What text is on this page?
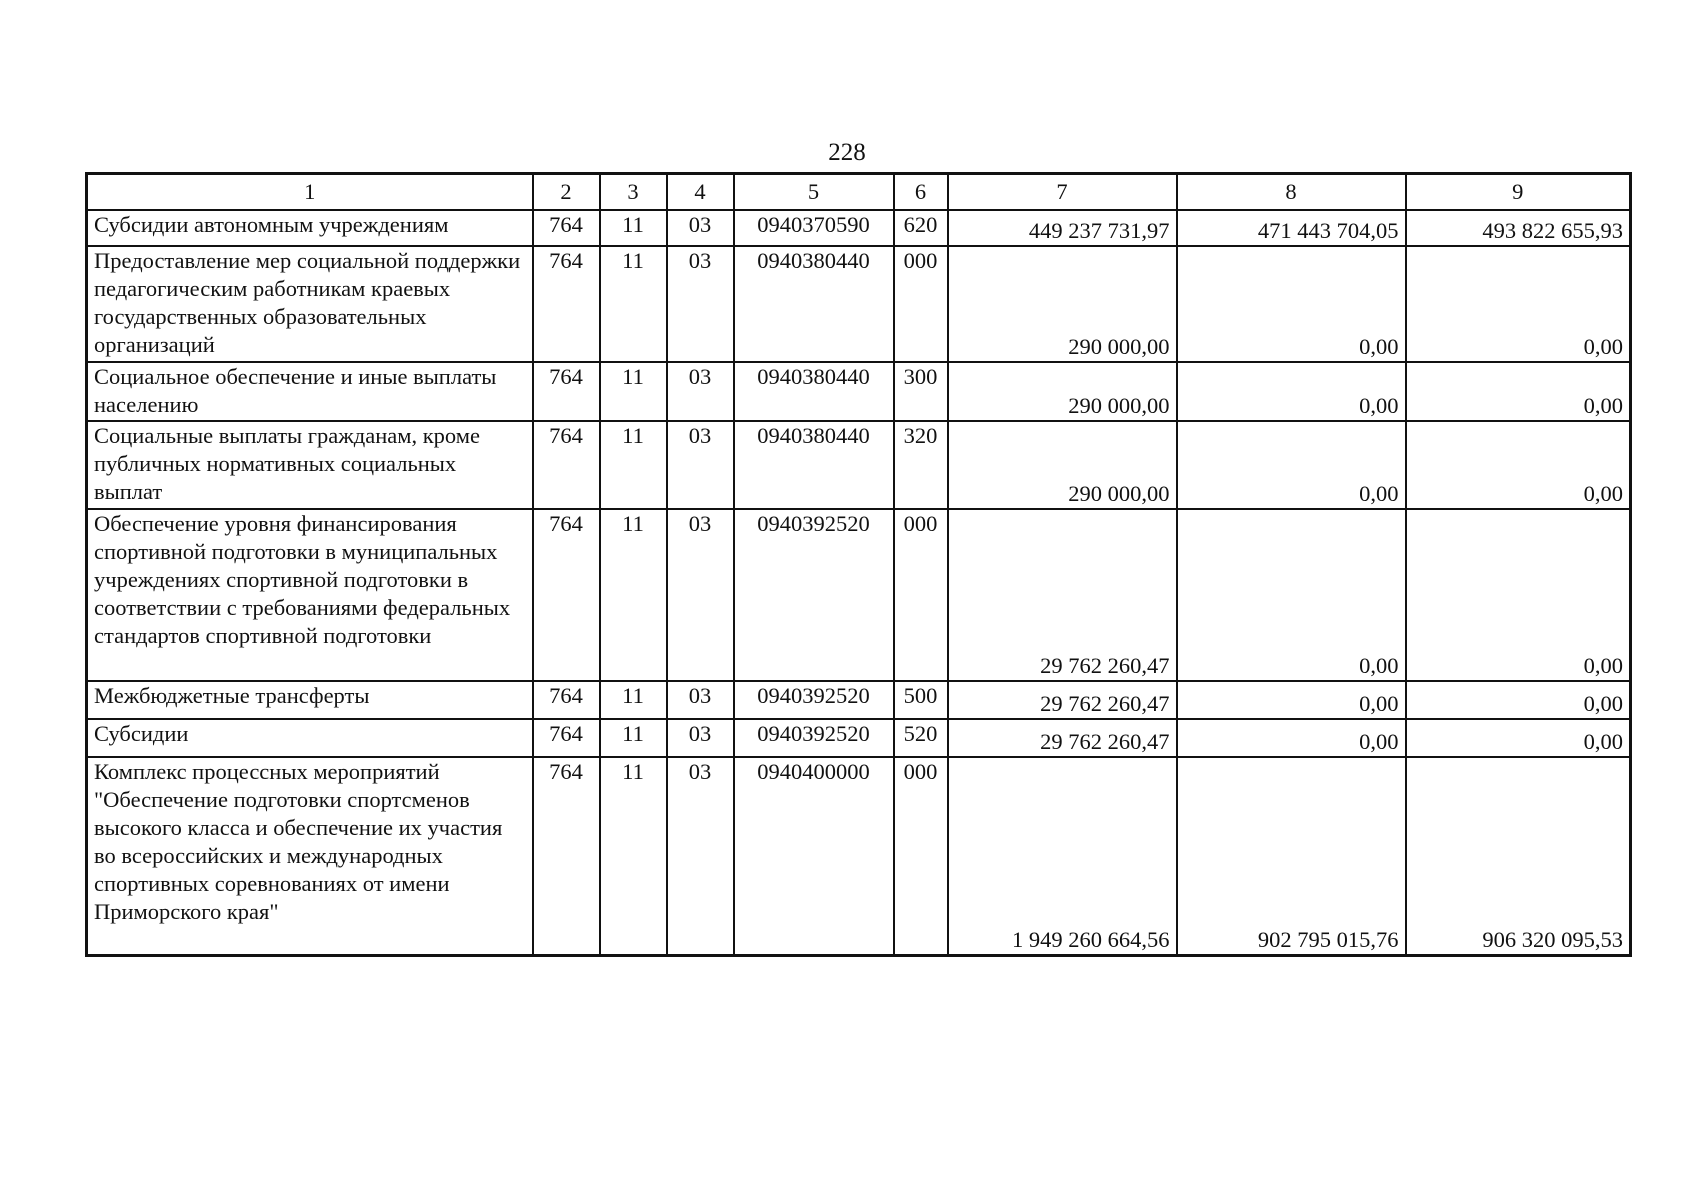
228
1	2	3	4	5	6	7	8	9
Субсидии автономным учреждениям	764	11	03	0940370590	620	449 237 731,97	471 443 704,05	493 822 655,93
Предоставление мер социальной поддержки педагогическим работникам краевых государственных образовательных организаций	764	11	03	0940380440	000	290 000,00	0,00	0,00
Социальное обеспечение и иные выплаты населению	764	11	03	0940380440	300	290 000,00	0,00	0,00
Социальные выплаты гражданам, кроме публичных нормативных социальных выплат	764	11	03	0940380440	320	290 000,00	0,00	0,00
Обеспечение уровня финансирования спортивной подготовки в муниципальных учреждениях спортивной подготовки в соответствии с требованиями федеральных стандартов спортивной подготовки	764	11	03	0940392520	000	29 762 260,47	0,00	0,00
Межбюджетные трансферты	764	11	03	0940392520	500	29 762 260,47	0,00	0,00
Субсидии	764	11	03	0940392520	520	29 762 260,47	0,00	0,00
Комплекс процессных мероприятий "Обеспечение подготовки спортсменов высокого класса и обеспечение их участия во всероссийских и международных спортивных соревнованиях от имени Приморского края"	764	11	03	0940400000	000	1 949 260 664,56	902 795 015,76	906 320 095,53
